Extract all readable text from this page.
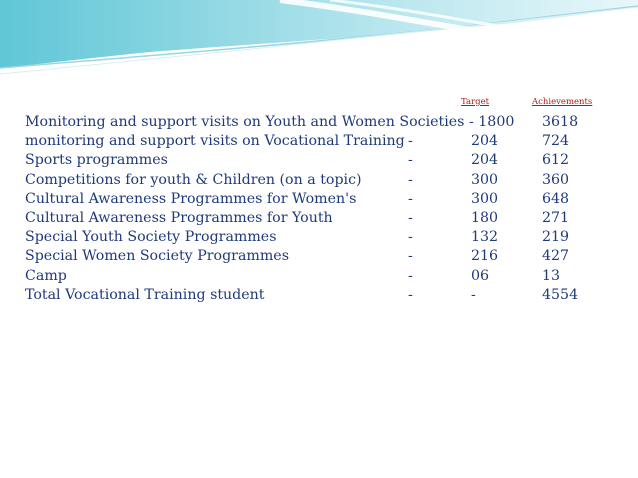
Target	Achievements
Monitoring and support visits on Youth and Women Societies - 1800 3618
monitoring and support visits on Vocational Training -	204	724
Sports programmes	-	204	612
Competitions for youth & Children (on a topic)	-	300	360
Cultural Awareness Programmes for Women's	-	300	648
Cultural Awareness Programmes for Youth	-	180	271
Special Youth Society Programmes	-	132	219
Special Women Society Programmes	-	216	427
Camp	-	06	13
Total Vocational Training student	-	-	4554
